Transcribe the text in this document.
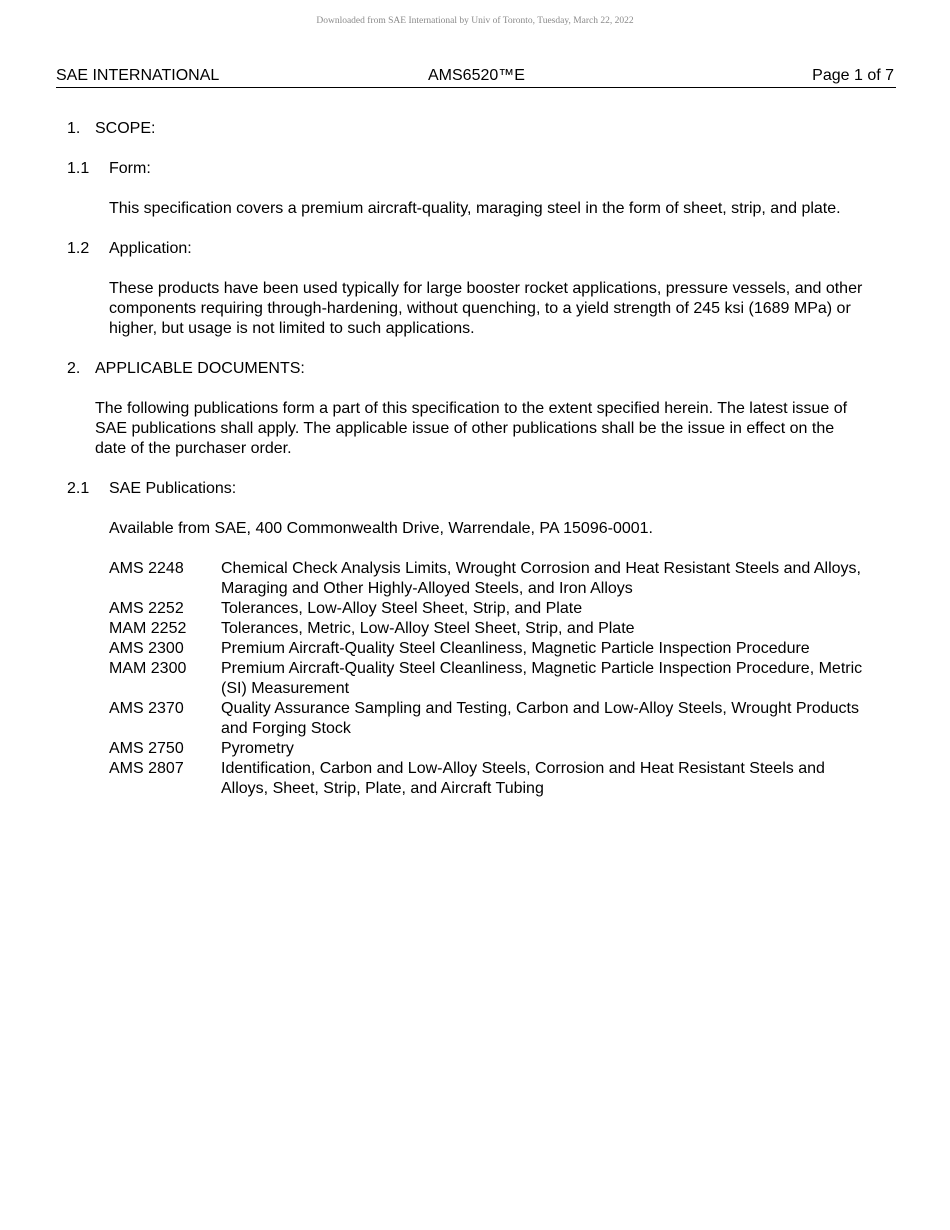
Downloaded from SAE International by Univ of Toronto, Tuesday, March 22, 2022
SAE INTERNATIONAL	AMS6520™E	Page 1 of 7
1. SCOPE:
1.1	Form:

This specification covers a premium aircraft-quality, maraging steel in the form of sheet, strip, and plate.

1.2	Application:

These products have been used typically for large booster rocket applications, pressure vessels, and other components requiring through-hardening, without quenching, to a yield strength of 245 ksi (1689 MPa) or higher, but usage is not limited to such applications.

2. APPLICABLE DOCUMENTS:

The following publications form a part of this specification to the extent specified herein. The latest issue of SAE publications shall apply. The applicable issue of other publications shall be the issue in effect on the date of the purchaser order.

2.1	SAE Publications:

Available from SAE, 400 Commonwealth Drive, Warrendale, PA 15096-0001.

AMS 2248	Chemical Check Analysis Limits, Wrought Corrosion and Heat Resistant Steels and Alloys, Maraging and Other Highly-Alloyed Steels, and Iron Alloys
AMS 2252	Tolerances, Low-Alloy Steel Sheet, Strip, and Plate
MAM 2252	Tolerances, Metric, Low-Alloy Steel Sheet, Strip, and Plate
AMS 2300	Premium Aircraft-Quality Steel Cleanliness, Magnetic Particle Inspection Procedure
MAM 2300	Premium Aircraft-Quality Steel Cleanliness, Magnetic Particle Inspection Procedure, Metric (SI) Measurement
AMS 2370	Quality Assurance Sampling and Testing, Carbon and Low-Alloy Steels, Wrought Products and Forging Stock
AMS 2750	Pyrometry
AMS 2807	Identification, Carbon and Low-Alloy Steels, Corrosion and Heat Resistant Steels and Alloys, Sheet, Strip, Plate, and Aircraft Tubing
